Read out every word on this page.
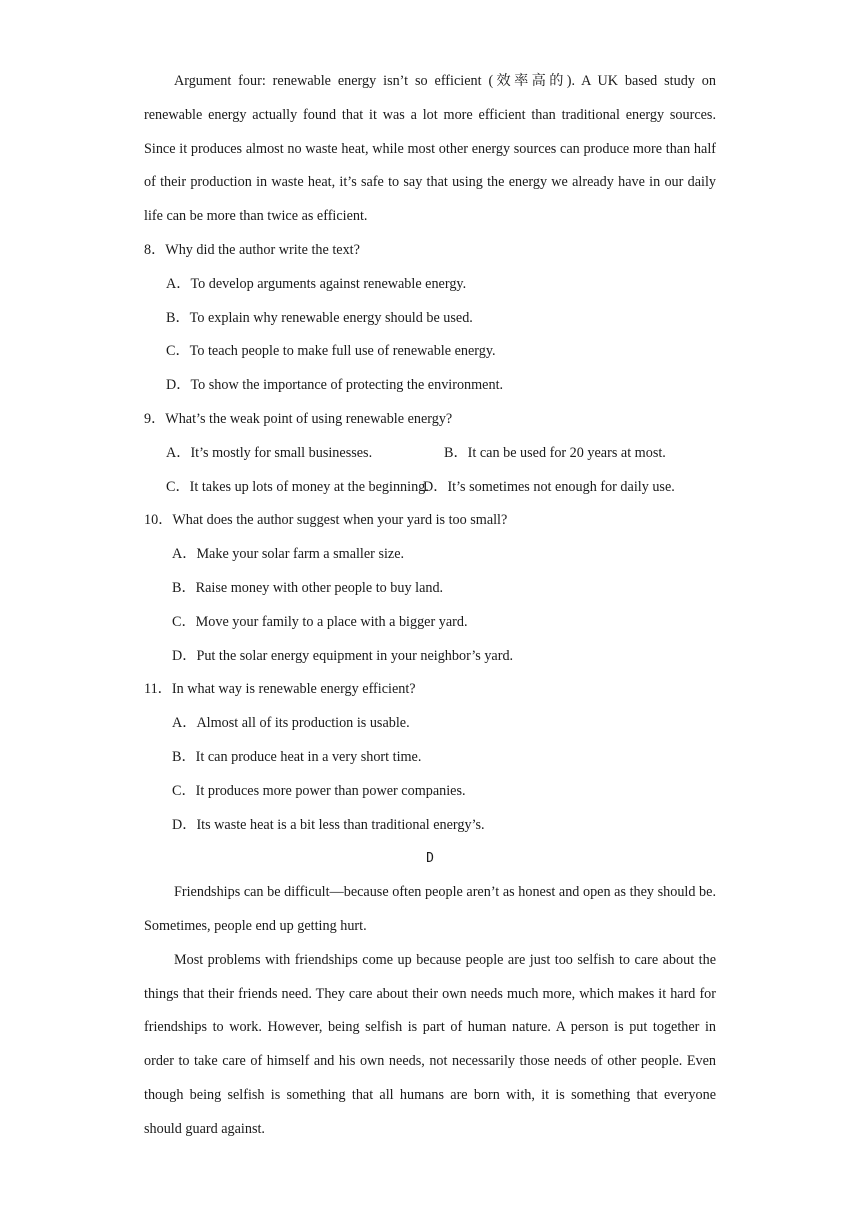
Argument four: renewable energy isn’t so efficient (效率高的). A UK based study on renewable energy actually found that it was a lot more efficient than traditional energy sources. Since it produces almost no waste heat, while most other energy sources can produce more than half of their production in waste heat, it’s safe to say that using the energy we already have in our daily life can be more than twice as efficient.

8．Why did the author write the text?
A．To develop arguments against renewable energy.
B．To explain why renewable energy should be used.
C．To teach people to make full use of renewable energy.
D．To show the importance of protecting the environment.
9．What’s the weak point of using renewable energy?
A．It’s mostly for small businesses.	B．It can be used for 20 years at most.
C．It takes up lots of money at the beginning.
D．It’s sometimes not enough for daily use.
10．What does the author suggest when your yard is too small?
A．Make your solar farm a smaller size.
B．Raise money with other people to buy land.
C．Move your family to a place with a bigger yard.
D．Put the solar energy equipment in your neighbor’s yard.
11．In what way is renewable energy efficient?
A．Almost all of its production is usable.
B．It can produce heat in a very short time.
C．It produces more power than power companies.
D．Its waste heat is a bit less than traditional energy’s.
D

Friendships can be difficult—because often people aren’t as honest and open as they should be. Sometimes, people end up getting hurt.

Most problems with friendships come up because people are just too selfish to care about the things that their friends need. They care about their own needs much more, which makes it hard for friendships to work. However, being selfish is part of human nature. A person is put together in order to take care of himself and his own needs, not necessarily those needs of other people. Even though being selfish is something that all humans are born with, it is something that everyone should guard against.
